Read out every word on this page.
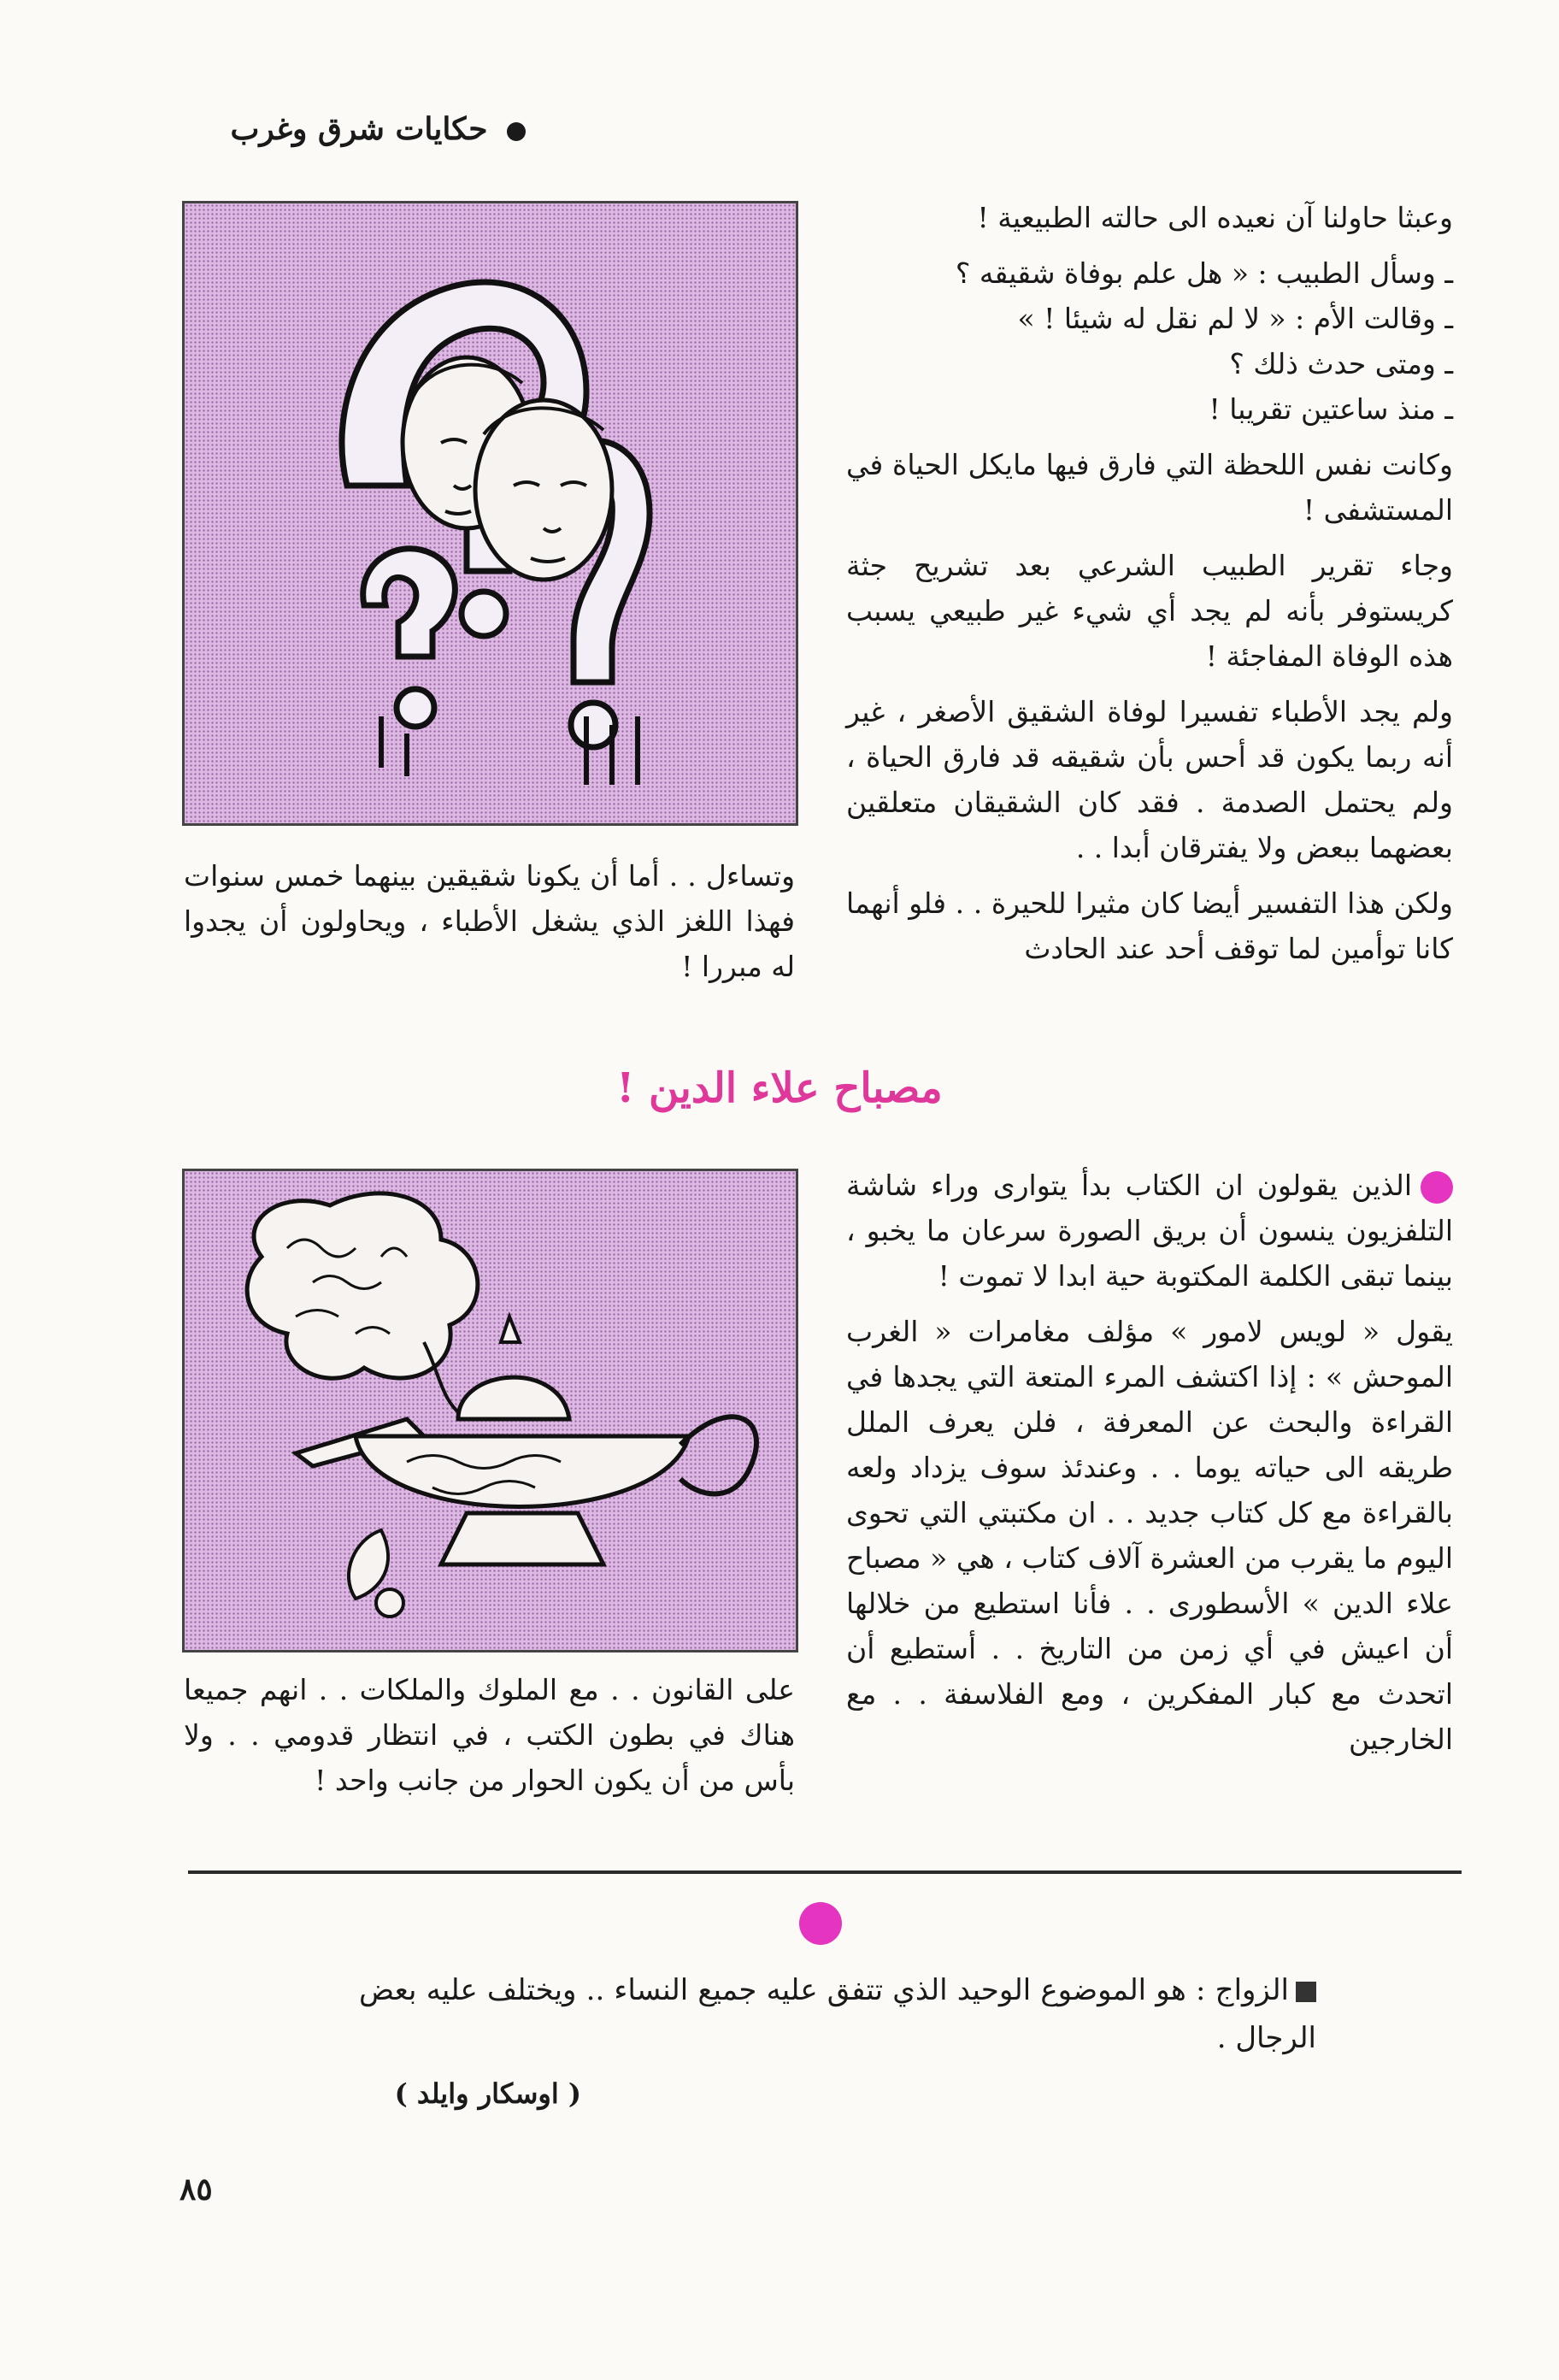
حكايات شرق وغرب

وعبثا حاولنا آن نعيده الى حالته الطبيعية !

ـ وسأل الطبيب : « هل علم بوفاة شقيقه ؟

ـ وقالت الأم : « لا لم نقل له شيئا ! »

ـ ومتى حدث ذلك ؟

ـ منذ ساعتين تقريبا !

وكانت نفس اللحظة التي فارق فيها مايكل الحياة في المستشفى !

وجاء تقرير الطبيب الشرعي بعد تشريح جثة كريستوفر بأنه لم يجد أي شيء غير طبيعي يسبب هذه الوفاة المفاجئة !

ولم يجد الأطباء تفسيرا لوفاة الشقيق الأصغر ، غير أنه ربما يكون قد أحس بأن شقيقه قد فارق الحياة ، ولم يحتمل الصدمة . فقد كان الشقيقان متعلقين بعضهما ببعض ولا يفترقان أبدا . .

ولكن هذا التفسير أيضا كان مثيرا للحيرة . . فلو أنهما كانا توأمين لما توقف أحد عند الحادث

وتساءل . . أما أن يكونا شقيقين بينهما خمس سنوات فهذا اللغز الذي يشغل الأطباء ، ويحاولون أن يجدوا له مبررا !

مصباح علاء الدين !

الذين يقولون ان الكتاب بدأ يتوارى وراء شاشة التلفزيون ينسون أن بريق الصورة سرعان ما يخبو ، بينما تبقى الكلمة المكتوبة حية ابدا لا تموت !

يقول « لويس لامور » مؤلف مغامرات « الغرب الموحش » : إذا اكتشف المرء المتعة التي يجدها في القراءة والبحث عن المعرفة ، فلن يعرف الملل طريقه الى حياته يوما . . وعندئذ سوف يزداد ولعه بالقراءة مع كل كتاب جديد . . ان مكتبتي التي تحوى اليوم ما يقرب من العشرة آلاف كتاب ، هي « مصباح علاء الدين » الأسطورى . . فأنا استطيع من خلالها أن اعيش في أي زمن من التاريخ . . أستطيع أن اتحدث مع كبار المفكرين ، ومع الفلاسفة . . مع الخارجين

على القانون . . مع الملوك والملكات . . انهم جميعا هناك في بطون الكتب ، في انتظار قدومي . . ولا بأس من أن يكون الحوار من جانب واحد !

الزواج : هو الموضوع الوحيد الذي تتفق عليه جميع النساء .. ويختلف عليه بعض الرجال .
( اوسكار وايلد )
٨٥
